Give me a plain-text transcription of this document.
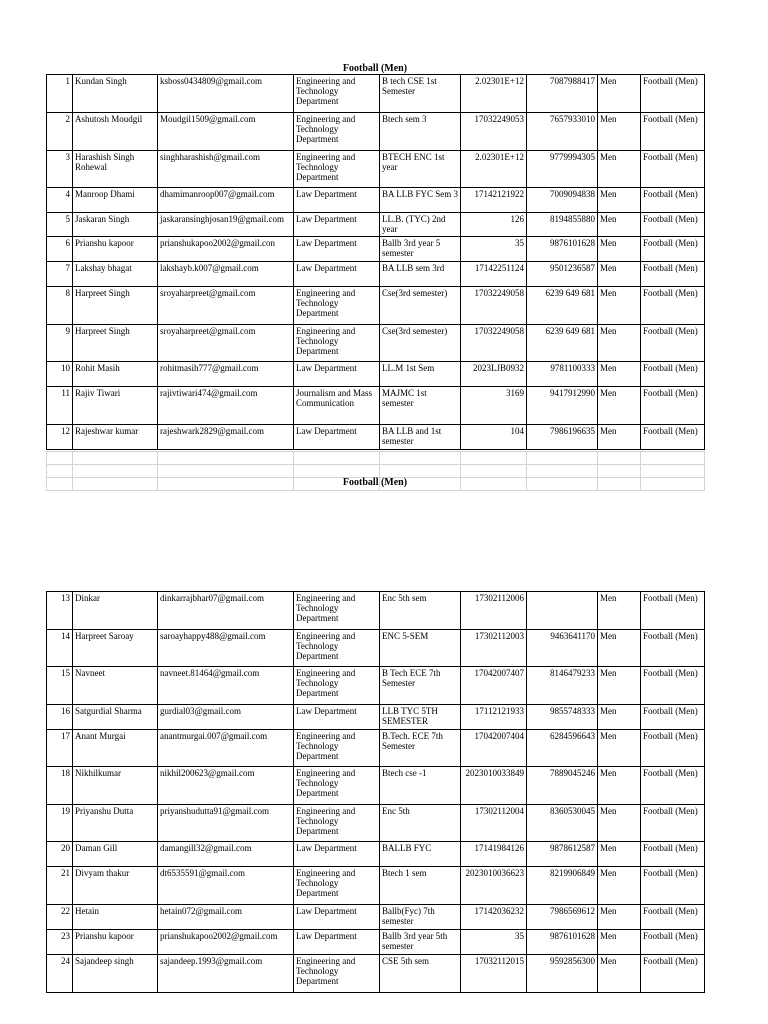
Football (Men)
1	Kundan Singh	ksboss0434809@gmail.com	Engineering and Technology Department	B tech CSE 1st Semester	2.02301E+12	7087988417	Men	Football (Men)
2	Ashutosh Moudgil	Moudgil1509@gmail.com	Engineering and Technology Department	Btech sem 3	17032249053	7657933010	Men	Football (Men)
3	Harashish Singh Rohewal	singhharashish@gmail.com	Engineering and Technology Department	BTECH ENC 1st year	2.02301E+12	9779994305	Men	Football (Men)
4	Manroop Dhami	dhamimanroop007@gmail.com	Law Department	BA LLB FYC Sem 3	17142121922	7009094838	Men	Football (Men)
5	Jaskaran Singh	jaskaransinghjosan19@gmail.com	Law Department	LL.B. (TYC) 2nd year	126	8194855880	Men	Football (Men)
6	Prianshu kapoor	prianshukapoo2002@gmail.con	Law Department	Ballb 3rd year 5 semester	35	9876101628	Men	Football (Men)
7	Lakshay bhagat	lakshayb.k007@gmail.com	Law Department	BA LLB sem 3rd	17142251124	9501236587	Men	Football (Men)
8	Harpreet Singh	sroyaharpreet@gmail.com	Engineering and Technology Department	Cse(3rd semester)	17032249058	6239 649 681	Men	Football (Men)
9	Harpreet Singh	sroyaharpreet@gmail.com	Engineering and Technology Department	Cse(3rd semester)	17032249058	6239 649 681	Men	Football (Men)
10	Rohit Masih	rohitmasih777@gmail.com	Law Department	LL.M 1st Sem	2023LJB0932	9781100333	Men	Football (Men)
11	Rajiv Tiwari	rajivtiwari474@gmail.com	Journalism and Mass Communication	MAJMC 1st semester	3169	9417912990	Men	Football (Men)
12	Rajeshwar kumar	rajeshwark2829@gmail.com	Law Department	BA LLB and 1st semester	104	7986196635	Men	Football (Men)

Football (Men)
13	Dinkar	dinkarrajbhar07@gmail.com	Engineering and Technology Department	Enc 5th sem	17302112006		Men	Football (Men)
14	Harpreet Saroay	saroayhappy488@gmail.com	Engineering and Technology Department	ENC 5-SEM	17302112003	9463641170	Men	Football (Men)
15	Navneet	navneet.81464@gmail.com	Engineering and Technology Department	B Tech ECE 7th Semester	17042007407	8146479233	Men	Football (Men)
16	Satgurdial Sharma	gurdial03@gmail.com	Law Department	LLB TYC 5TH SEMESTER	17112121933	9855748333	Men	Football (Men)
17	Anant Murgai	anantmurgai.007@gmail.com	Engineering and Technology Department	B.Tech. ECE 7th Semester	17042007404	6284596643	Men	Football (Men)
18	Nikhilkumar	nikhil200623@gmail.com	Engineering and Technology Department	Btech cse -1	2023010033849	7889045246	Men	Football (Men)
19	Priyanshu Dutta	priyanshudutta91@gmail.com	Engineering and Technology Department	Enc 5th	17302112004	8360530045	Men	Football (Men)
20	Daman Gill	damangill32@gmail.com	Law Department	BALLB FYC	17141984126	9878612587	Men	Football (Men)
21	Divyam thakur	dt6535591@gmail.com	Engineering and Technology Department	Btech 1 sem	2023010036623	8219906849	Men	Football (Men)
22	Hetain	hetain072@gmail.com	Law Department	Ballb(Fyc) 7th semester	17142036232	7986569612	Men	Football (Men)
23	Prianshu kapoor	prianshukapoo2002@gmail.com	Law Department	Ballb 3rd year 5th semester	35	9876101628	Men	Football (Men)
24	Sajandeep singh	sajandeep.1993@gmail.com	Engineering and Technology Department	CSE 5th sem	17032112015	9592856300	Men	Football (Men)
